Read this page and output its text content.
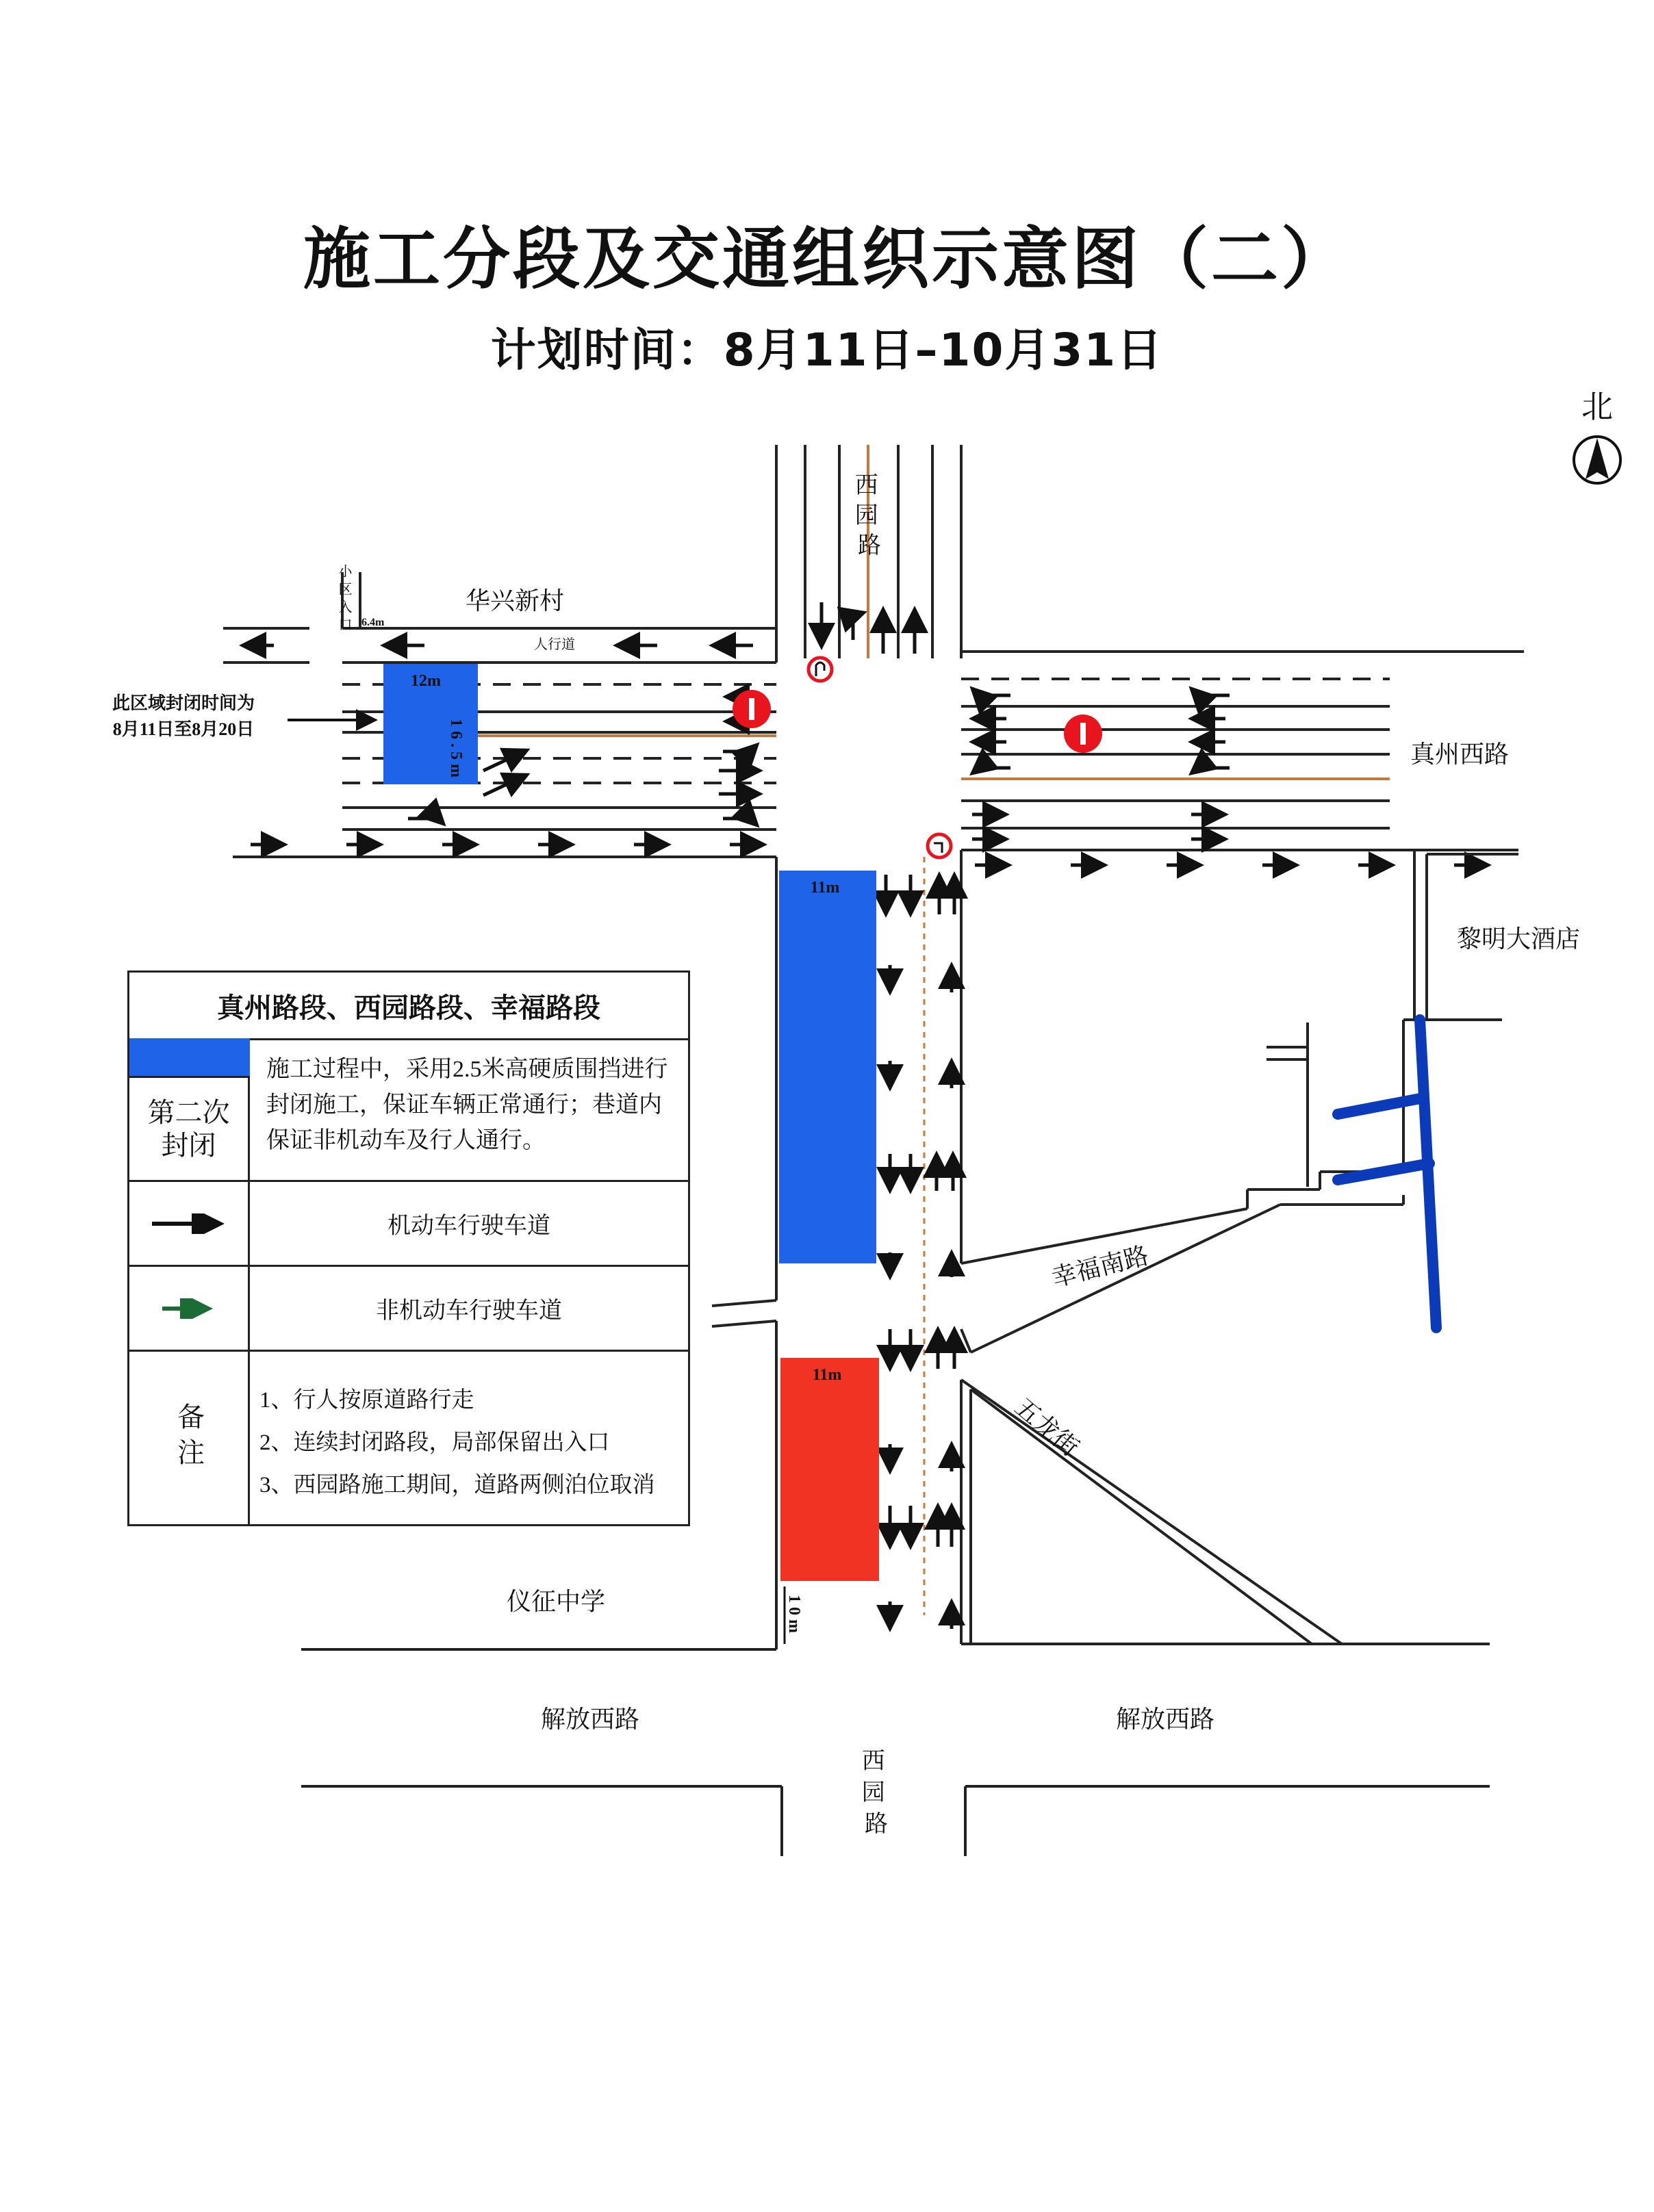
施工分段及交通组织示意图（二）
计划时间：8月11日–10月31日
北
西 园 路
华兴新村
人行道
小区入口 6.4m
12m
16.5m
此区域封闭时间为
8月11日至8月20日
真州西路
黎明大酒店
幸福南路
五龙街
仪征中学
11m
11m
10m
解放西路	解放西路
西 园 路
真州路段、西园路段、幸福路段
第二次
封闭
施工过程中，采用2.5米高硬质围挡进行封闭施工，保证车辆正常通行；巷道内保证非机动车及行人通行。
机动车行驶车道
非机动车行驶车道
备注
1、行人按原道路行走
2、连续封闭路段，局部保留出入口
3、西园路施工期间，道路两侧泊位取消
